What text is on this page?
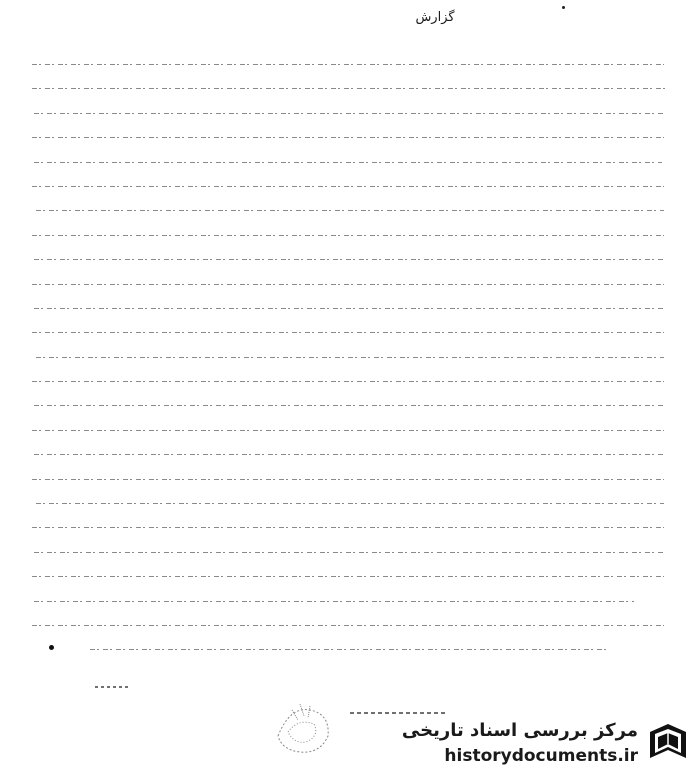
گزارش
مرکز بررسی اسناد تاریخی
historydocuments.ir
